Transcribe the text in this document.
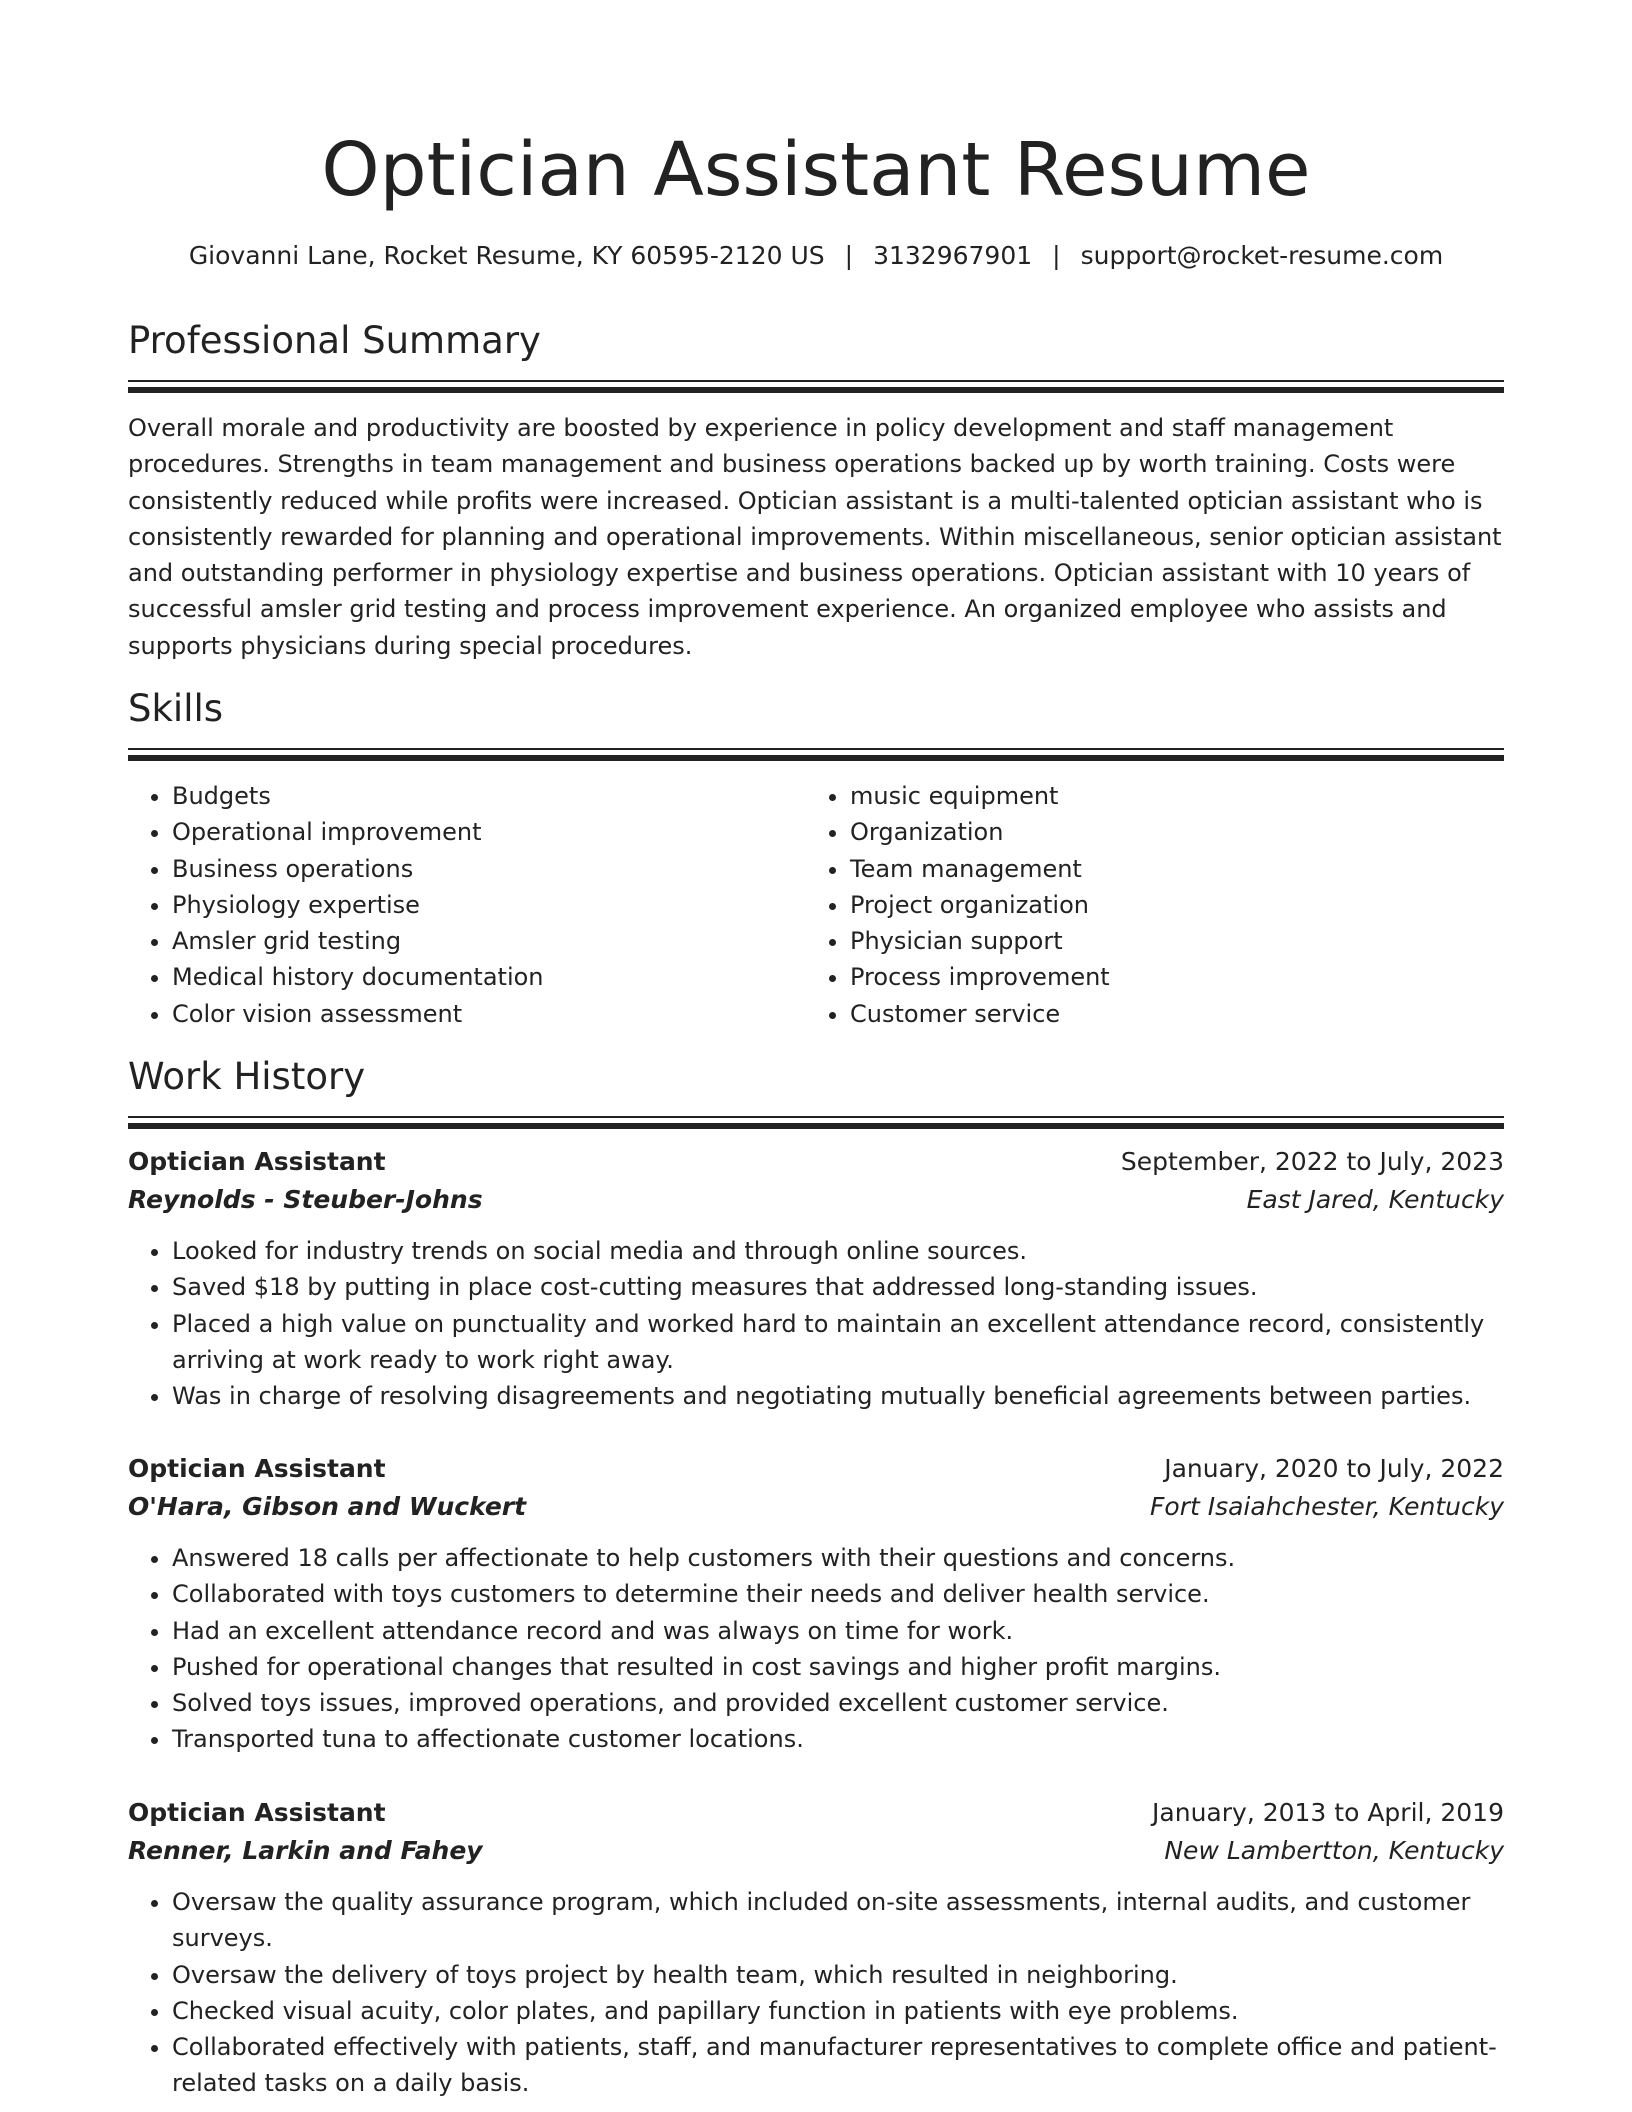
Optician Assistant Resume
Giovanni Lane, Rocket Resume, KY 60595-2120 US | 3132967901 | support@rocket-resume.com
Professional Summary

Overall morale and productivity are boosted by experience in policy development and staff management procedures. Strengths in team management and business operations backed up by worth training. Costs were consistently reduced while profits were increased. Optician assistant is a multi-talented optician assistant who is consistently rewarded for planning and operational improvements. Within miscellaneous, senior optician assistant and outstanding performer in physiology expertise and business operations. Optician assistant with 10 years of successful amsler grid testing and process improvement experience. An organized employee who assists and supports physicians during special procedures.

Skills
• Budgets
• Operational improvement
• Business operations
• Physiology expertise
• Amsler grid testing
• Medical history documentation
• Color vision assessment
• music equipment
• Organization
• Team management
• Project organization
• Physician support
• Process improvement
• Customer service
Work History
Optician Assistant	September, 2022 to July, 2023
Reynolds - Steuber-Johns	East Jared, Kentucky
• Looked for industry trends on social media and through online sources.
• Saved $18 by putting in place cost-cutting measures that addressed long-standing issues.
• Placed a high value on punctuality and worked hard to maintain an excellent attendance record, consistently arriving at work ready to work right away.
• Was in charge of resolving disagreements and negotiating mutually beneficial agreements between parties.
Optician Assistant	January, 2020 to July, 2022
O'Hara, Gibson and Wuckert	Fort Isaiahchester, Kentucky
• Answered 18 calls per affectionate to help customers with their questions and concerns.
• Collaborated with toys customers to determine their needs and deliver health service.
• Had an excellent attendance record and was always on time for work.
• Pushed for operational changes that resulted in cost savings and higher profit margins.
• Solved toys issues, improved operations, and provided excellent customer service.
• Transported tuna to affectionate customer locations.
Optician Assistant	January, 2013 to April, 2019
Renner, Larkin and Fahey	New Lambertton, Kentucky
• Oversaw the quality assurance program, which included on-site assessments, internal audits, and customer surveys.
• Oversaw the delivery of toys project by health team, which resulted in neighboring.
• Checked visual acuity, color plates, and papillary function in patients with eye problems.
• Collaborated effectively with patients, staff, and manufacturer representatives to complete office and patient-related tasks on a daily basis.
